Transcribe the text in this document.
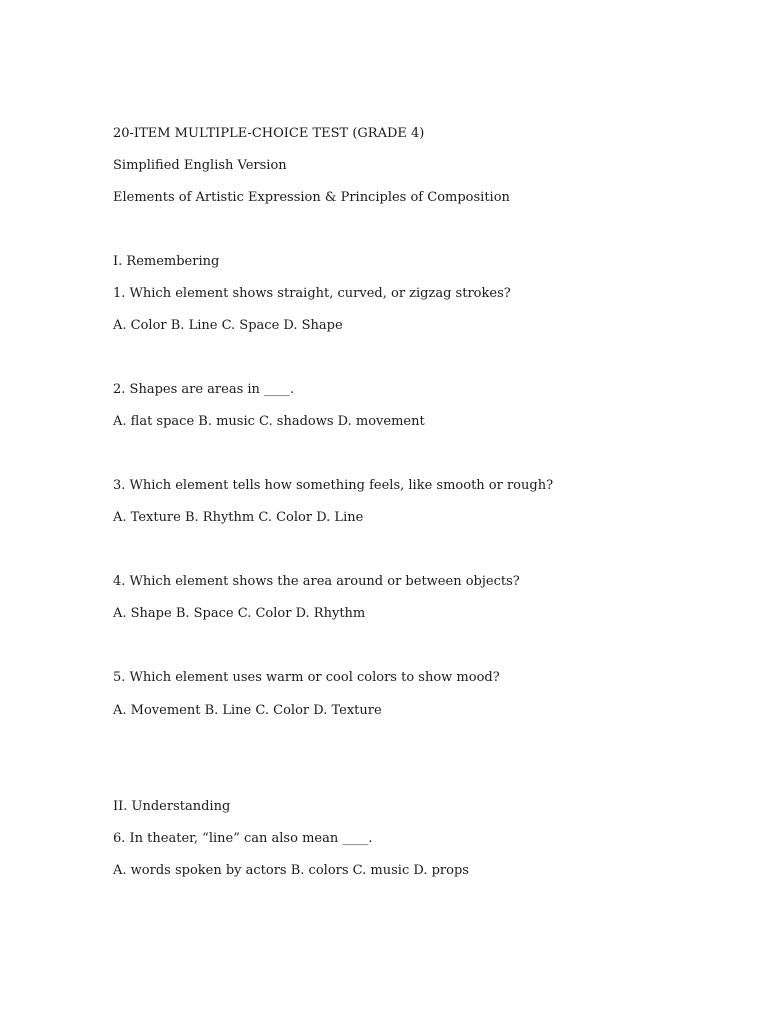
20-ITEM MULTIPLE-CHOICE TEST (GRADE 4)
Simplified English Version
Elements of Artistic Expression & Principles of Composition
I. Remembering
1. Which element shows straight, curved, or zigzag strokes?
A. Color B. Line C. Space D. Shape
2. Shapes are areas in ____.
A. flat space B. music C. shadows D. movement
3. Which element tells how something feels, like smooth or rough?
A. Texture B. Rhythm C. Color D. Line
4. Which element shows the area around or between objects?
A. Shape B. Space C. Color D. Rhythm
5. Which element uses warm or cool colors to show mood?
A. Movement B. Line C. Color D. Texture
II. Understanding
6. In theater, “line” can also mean ____.
A. words spoken by actors B. colors C. music D. props
